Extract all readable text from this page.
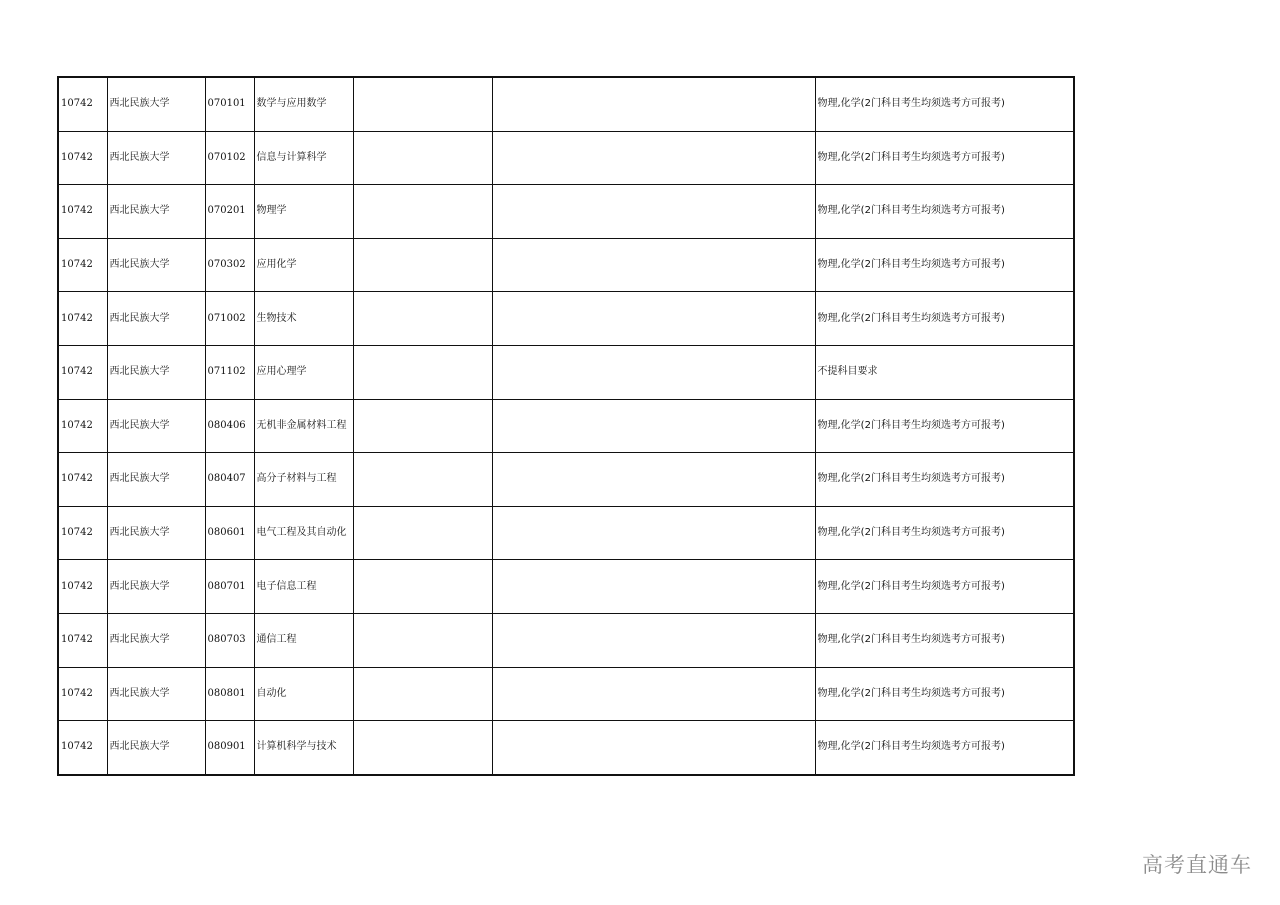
10742	西北民族大学	070101	数学与应用数学			物理,化学(2门科目考生均须选考方可报考)
10742	西北民族大学	070102	信息与计算科学			物理,化学(2门科目考生均须选考方可报考)
10742	西北民族大学	070201	物理学			物理,化学(2门科目考生均须选考方可报考)
10742	西北民族大学	070302	应用化学			物理,化学(2门科目考生均须选考方可报考)
10742	西北民族大学	071002	生物技术			物理,化学(2门科目考生均须选考方可报考)
10742	西北民族大学	071102	应用心理学			不提科目要求
10742	西北民族大学	080406	无机非金属材料工程			物理,化学(2门科目考生均须选考方可报考)
10742	西北民族大学	080407	高分子材料与工程			物理,化学(2门科目考生均须选考方可报考)
10742	西北民族大学	080601	电气工程及其自动化			物理,化学(2门科目考生均须选考方可报考)
10742	西北民族大学	080701	电子信息工程			物理,化学(2门科目考生均须选考方可报考)
10742	西北民族大学	080703	通信工程			物理,化学(2门科目考生均须选考方可报考)
10742	西北民族大学	080801	自动化			物理,化学(2门科目考生均须选考方可报考)
10742	西北民族大学	080901	计算机科学与技术			物理,化学(2门科目考生均须选考方可报考)
高考直通车
